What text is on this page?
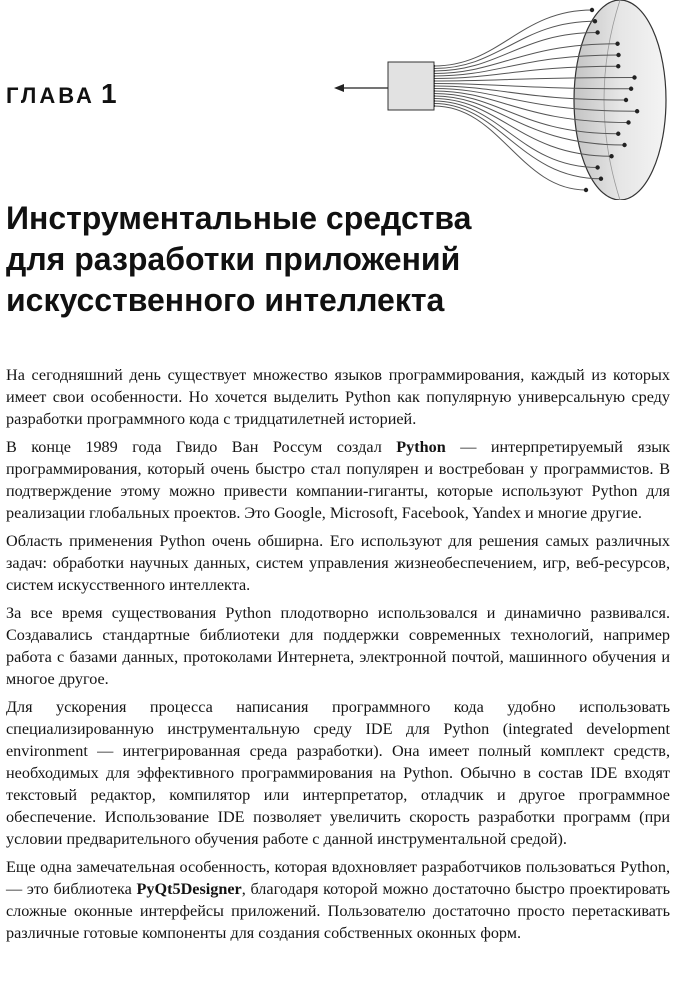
ГЛАВА 1
Инструментальные средства
для разработки приложений
искусственного интеллекта

На сегодняшний день существует множество языков программирования, каждый из которых имеет свои особенности. Но хочется выделить Python как популярную универсальную среду разработки программного кода с тридцатилетней историей.

В конце 1989 года Гвидо Ван Россум создал Python — интерпретируемый язык программирования, который очень быстро стал популярен и востребован у программистов. В подтверждение этому можно привести компании-гиганты, которые используют Python для реализации глобальных проектов. Это Google, Microsoft, Facebook, Yandex и многие другие.

Область применения Python очень обширна. Его используют для решения самых различных задач: обработки научных данных, систем управления жизнеобеспечением, игр, веб-ресурсов, систем искусственного интеллекта.

За все время существования Python плодотворно использовался и динамично развивался. Создавались стандартные библиотеки для поддержки современных технологий, например работа с базами данных, протоколами Интернета, электронной почтой, машинного обучения и многое другое.

Для ускорения процесса написания программного кода удобно использовать специализированную инструментальную среду IDE для Python (integrated development environment — интегрированная среда разработки). Она имеет полный комплект средств, необходимых для эффективного программирования на Python. Обычно в состав IDE входят текстовый редактор, компилятор или интерпретатор, отладчик и другое программное обеспечение. Использование IDE позволяет увеличить скорость разработки программ (при условии предварительного обучения работе с данной инструментальной средой).

Еще одна замечательная особенность, которая вдохновляет разработчиков пользоваться Python, — это библиотека PyQt5Designer, благодаря которой можно достаточно быстро проектировать сложные оконные интерфейсы приложений. Пользователю достаточно просто перетаскивать различные готовые компоненты для создания собственных оконных форм.
